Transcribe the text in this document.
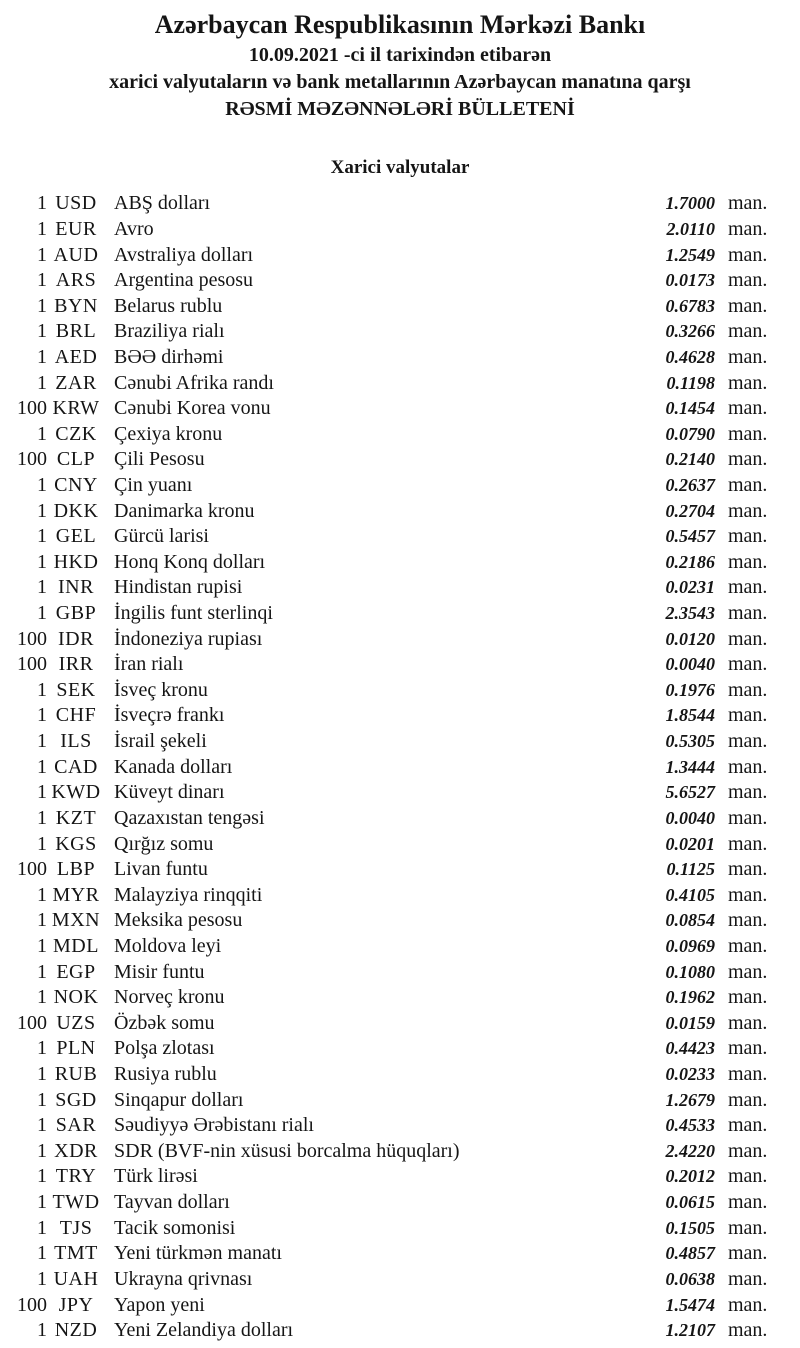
Azərbaycan Respublikasının Mərkəzi Bankı
10.09.2021 -ci il tarixindən etibarən
xarici valyutaların və bank metallarının Azərbaycan manatına qarşı
RƏSMİ MƏZƏNNƏLƏRİ BÜLLETENİ
Xarici valyutalar
1 USD ABŞ dolları	1.7000 man.
1 EUR Avro	2.0110 man.
1 AUD Avstraliya dolları	1.2549 man.
1 ARS Argentina pesosu	0.0173 man.
1 BYN Belarus rublu	0.6783 man.
1 BRL Braziliya rialı	0.3266 man.
1 AED BƏƏ dirhəmi	0.4628 man.
1 ZAR Cənubi Afrika randı	0.1198 man.
100 KRW Cənubi Korea vonu	0.1454 man.
1 CZK Çexiya kronu	0.0790 man.
100 CLP Çili Pesosu	0.2140 man.
1 CNY Çin yuanı	0.2637 man.
1 DKK Danimarka kronu	0.2704 man.
1 GEL Gürcü larisi	0.5457 man.
1 HKD Honq Konq dolları	0.2186 man.
1 INR	Hindistan rupisi	0.0231 man.
1 GBP İngilis funt sterlinqi	2.3543 man.
100 IDR	İndoneziya rupiası	0.0120 man.
100 IRR	İran rialı	0.0040 man.
1 SEK İsveç kronu	0.1976 man.
1 CHF İsveçrə frankı	1.8544 man.
1 ILS	İsrail şekeli	0.5305 man.
1 CAD Kanada dolları	1.3444 man.
1 KWD Küveyt dinarı	5.6527 man.
1 KZT Qazaxıstan tengəsi	0.0040 man.
1 KGS Qırğız somu	0.0201 man.
100 LBP Livan funtu	0.1125 man.
1 MYR Malayziya rinqqiti	0.4105 man.
1 MXN Meksika pesosu	0.0854 man.
1 MDL Moldova leyi	0.0969 man.
1 EGP Misir funtu	0.1080 man.
1 NOK Norveç kronu	0.1962 man.
100 UZS Özbək somu	0.0159 man.
1 PLN Polşa zlotası	0.4423 man.
1 RUB Rusiya rublu	0.0233 man.
1 SGD Sinqapur dolları	1.2679 man.
1 SAR Səudiyyə Ərəbistanı rialı	0.4533 man.
1 XDR SDR (BVF-nin xüsusi borcalma hüquqları)	2.4220 man.
1 TRY Türk lirəsi	0.2012 man.
1 TWD Tayvan dolları	0.0615 man.
1 TJS	Tacik somonisi	0.1505 man.
1 TMT Yeni türkmən manatı	0.4857 man.
1 UAH Ukrayna qrivnası	0.0638 man.
100 JPY	Yapon yeni	1.5474 man.
1 NZD Yeni Zelandiya dolları	1.2107 man.
